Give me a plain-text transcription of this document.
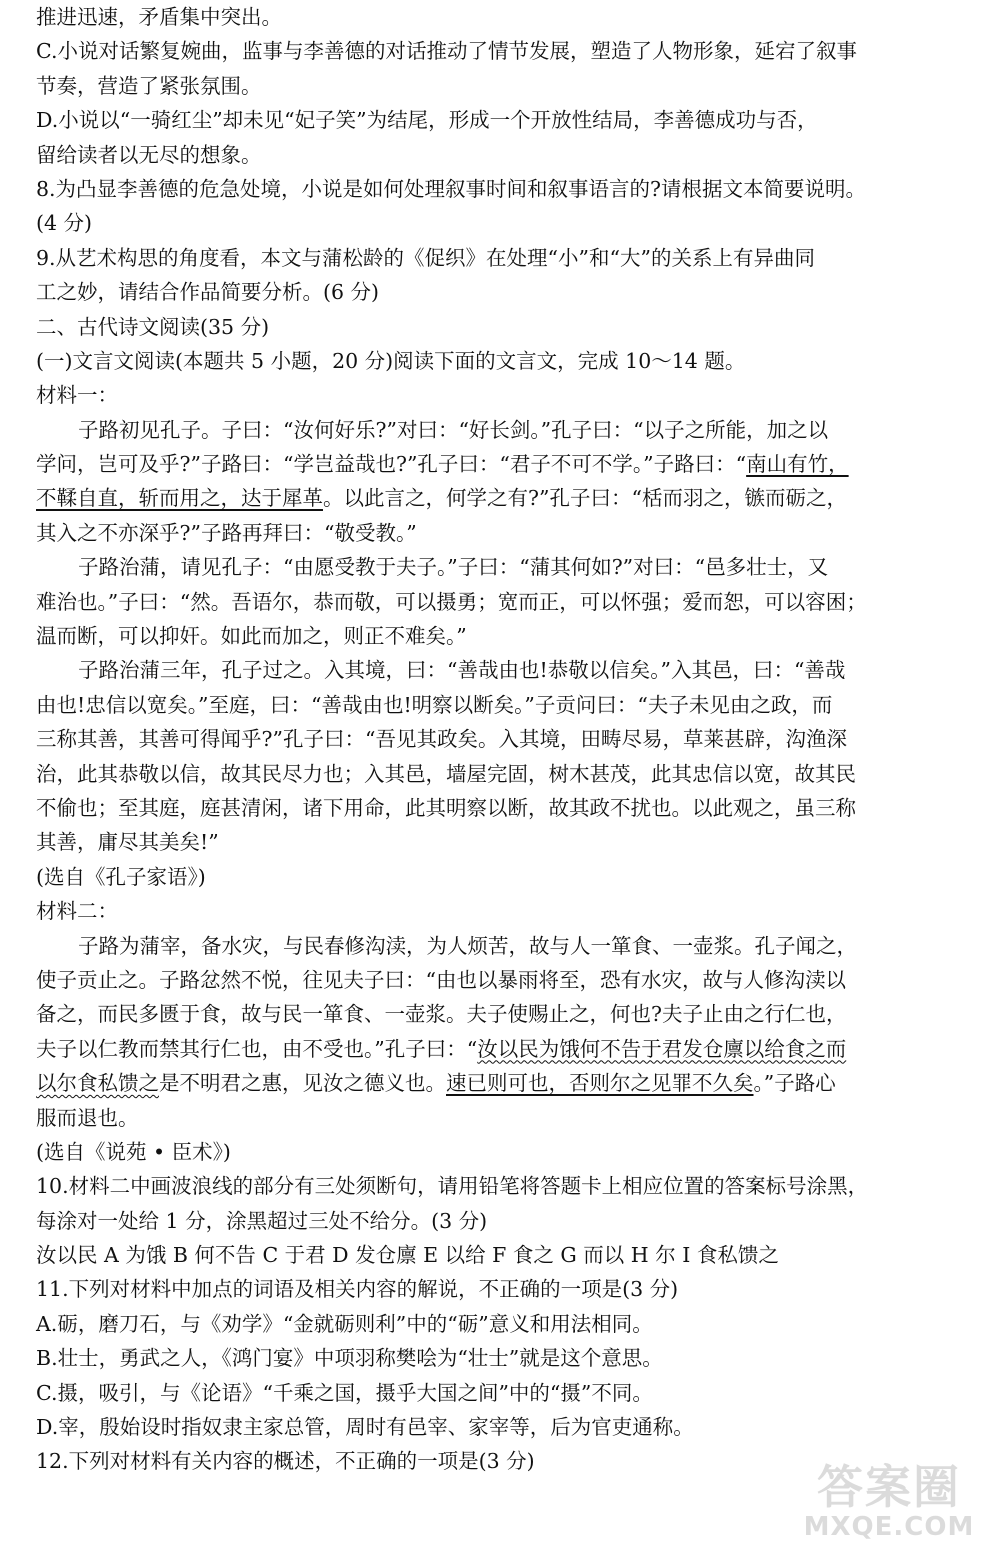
推进迅速，矛盾集中突出。
C.小说对话繁复婉曲，监事与李善德的对话推动了情节发展，塑造了人物形象，延宕了叙事
节奏，营造了紧张氛围。
D.小说以“一骑红尘”却未见“妃子笑”为结尾，形成一个开放性结局，李善德成功与否，
留给读者以无尽的想象。
8.为凸显李善德的危急处境，小说是如何处理叙事时间和叙事语言的?请根据文本简要说明。
(4 分)
9.从艺术构思的角度看，本文与蒲松龄的《促织》在处理“小”和“大”的关系上有异曲同
工之妙，请结合作品简要分析。(6 分)
二、古代诗文阅读(35 分)
(一)文言文阅读(本题共 5 小题，20 分)阅读下面的文言文，完成 10～14 题。
材料一：
子路初见孔子。子曰：“汝何好乐?”对曰：“好长剑。”孔子曰：“以子之所能，加之以
学问，岂可及乎?”子路曰：“学岂益哉也?”孔子曰：“君子不可不学。”子路曰：“南山有竹，
不鞣自直，斩而用之，达于犀革。以此言之，何学之有?”孔子曰：“栝而羽之，镞而砺之，
其入之不亦深乎?”子路再拜曰：“敬受教。”
子路治蒲，请见孔子：“由愿受教于夫子。”子曰：“蒲其何如?”对曰：“邑多壮士，又
难治也。”子曰：“然。吾语尔，恭而敬，可以摄勇；宽而正，可以怀强；爱而恕，可以容困；
温而断，可以抑奸。如此而加之，则正不难矣。”
子路治蒲三年，孔子过之。入其境，曰：“善哉由也!恭敬以信矣。”入其邑，曰：“善哉
由也!忠信以宽矣。”至庭，曰：“善哉由也!明察以断矣。”子贡问曰：“夫子未见由之政，而
三称其善，其善可得闻乎?”孔子曰：“吾见其政矣。入其境，田畴尽易，草莱甚辟，沟渔深
治，此其恭敬以信，故其民尽力也；入其邑，墙屋完固，树木甚茂，此其忠信以宽，故其民
不偷也；至其庭，庭甚清闲，诸下用命，此其明察以断，故其政不扰也。以此观之，虽三称
其善，庸尽其美矣!”
(选自《孔子家语》)
材料二：
子路为蒲宰，备水灾，与民春修沟渎，为人烦苦，故与人一箪食、一壶浆。孔子闻之，
使子贡止之。子路忿然不悦，往见夫子曰：“由也以暴雨将至，恐有水灾，故与人修沟渎以
备之，而民多匮于食，故与民一箪食、一壶浆。夫子使赐止之，何也?夫子止由之行仁也，
夫子以仁教而禁其行仁也，由不受也。”孔子曰：“汝以民为饿何不告于君发仓廪以给食之而
以尔食私馈之是不明君之惠，见汝之德义也。速已则可也，否则尔之见罪不久矣。”子路心
服而退也。
(选自《说苑 • 臣术》)
10.材料二中画波浪线的部分有三处须断句，请用铅笔将答题卡上相应位置的答案标号涂黑，
每涂对一处给 1 分，涂黑超过三处不给分。(3 分)
汝以民 A 为饿 B 何不告 C 于君 D 发仓廪 E 以给 F 食之 G 而以 H 尔 I 食私馈之
11.下列对材料中加点的词语及相关内容的解说，不正确的一项是(3 分)
A.砺，磨刀石，与《劝学》“金就砺则利”中的“砺”意义和用法相同。
B.壮士，勇武之人，《鸿门宴》中项羽称樊哙为“壮士”就是这个意思。
C.摄，吸引，与《论语》“千乘之国，摄乎大国之间”中的“摄”不同。
D.宰，殷始设时指奴隶主家总管，周时有邑宰、家宰等，后为官吏通称。
12.下列对材料有关内容的概述，不正确的一项是(3 分)	答案圈
MXQE.COM
